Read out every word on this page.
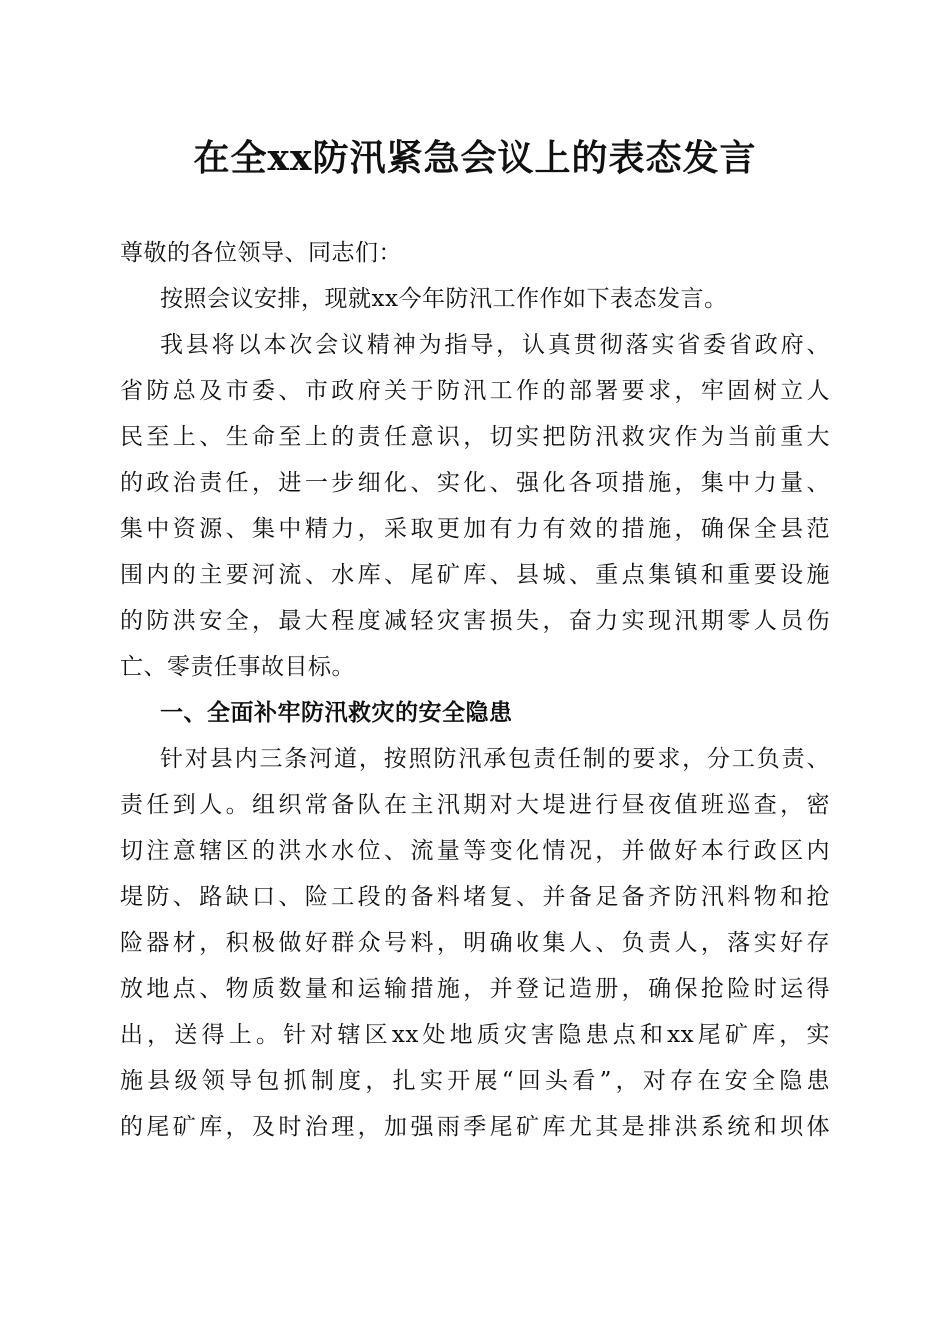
在全xx防汛紧急会议上的表态发言
尊敬的各位领导、同志们：
按照会议安排，现就xx今年防汛工作作如下表态发言。
我县将以本次会议精神为指导，认真贯彻落实省委省政府、
省防总及市委、市政府关于防汛工作的部署要求，牢固树立人
民至上、生命至上的责任意识，切实把防汛救灾作为当前重大
的政治责任，进一步细化、实化、强化各项措施，集中力量、
集中资源、集中精力，采取更加有力有效的措施，确保全县范
围内的主要河流、水库、尾矿库、县城、重点集镇和重要设施
的防洪安全，最大程度减轻灾害损失，奋力实现汛期零人员伤
亡、零责任事故目标。
一、全面补牢防汛救灾的安全隐患
针对县内三条河道，按照防汛承包责任制的要求，分工负责、
责任到人。组织常备队在主汛期对大堤进行昼夜值班巡查，密
切注意辖区的洪水水位、流量等变化情况，并做好本行政区内
堤防、路缺口、险工段的备料堵复、并备足备齐防汛料物和抢
险器材，积极做好群众号料，明确收集人、负责人，落实好存
放地点、物质数量和运输措施，并登记造册，确保抢险时运得
出，送得上。针对辖区xx处地质灾害隐患点和xx尾矿库，实
施县级领导包抓制度，扎实开展“回头看”，对存在安全隐患
的尾矿库，及时治理，加强雨季尾矿库尤其是排洪系统和坝体
